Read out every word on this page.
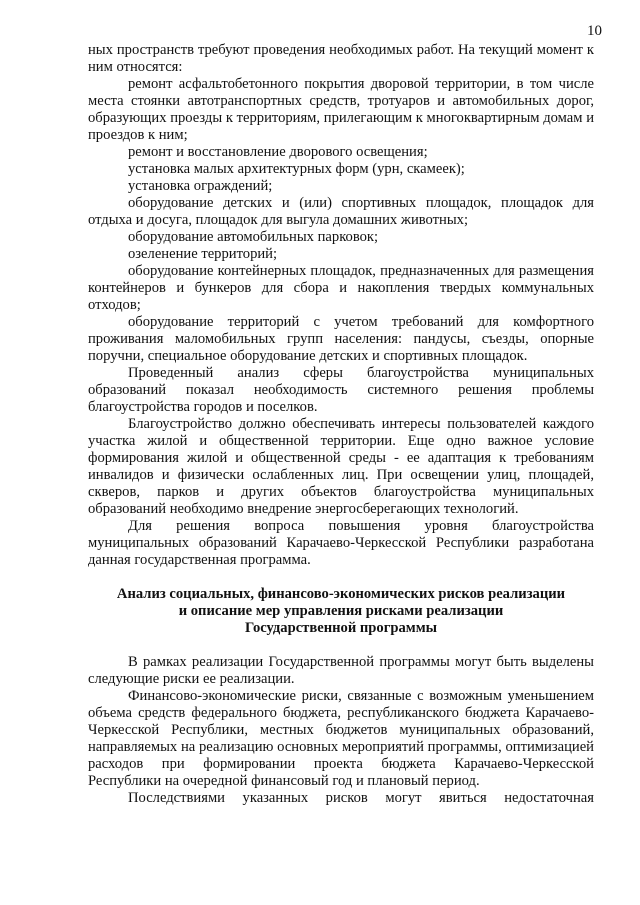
10

ных пространств требуют проведения необходимых работ. На текущий момент к ним относятся:

ремонт асфальтобетонного покрытия дворовой территории, в том числе места стоянки автотранспортных средств, тротуаров и автомобильных дорог, образующих проезды к территориям, прилегающим к многоквартирным домам и проездов к ним;

ремонт и восстановление дворового освещения;

установка малых архитектурных форм (урн, скамеек);

установка ограждений;

оборудование детских и (или) спортивных площадок, площадок для отдыха и досуга, площадок для выгула домашних животных;

оборудование автомобильных парковок;

озеленение территорий;

оборудование контейнерных площадок, предназначенных для размещения контейнеров и бункеров для сбора и накопления твердых коммунальных отходов;

оборудование территорий с учетом требований для комфортного проживания маломобильных групп населения: пандусы, съезды, опорные поручни, специальное оборудование детских и спортивных площадок.

Проведенный анализ сферы благоустройства муниципальных образований показал необходимость системного решения проблемы благоустройства городов и поселков.

Благоустройство должно обеспечивать интересы пользователей каждого участка жилой и общественной территории. Еще одно важное условие формирования жилой и общественной среды - ее адаптация к требованиям инвалидов и физически ослабленных лиц. При освещении улиц, площадей, скверов, парков и других объектов благоустройства муниципальных образований необходимо внедрение энергосберегающих технологий.

Для решения вопроса повышения уровня благоустройства муниципальных образований Карачаево-Черкесской Республики разработана данная государственная программа.

Анализ социальных, финансово-экономических рисков реализации
и описание мер управления рисками реализации
Государственной программы

В рамках реализации Государственной программы могут быть выделены следующие риски ее реализации.

Финансово-экономические риски, связанные с возможным уменьшением объема средств федерального бюджета, республиканского бюджета Карачаево-Черкесской Республики, местных бюджетов муниципальных образований, направляемых на реализацию основных мероприятий программы, оптимизацией расходов при формировании проекта бюджета Карачаево-Черкесской Республики на очередной финансовый год и плановый период.

Последствиями указанных рисков могут явиться недостаточная
